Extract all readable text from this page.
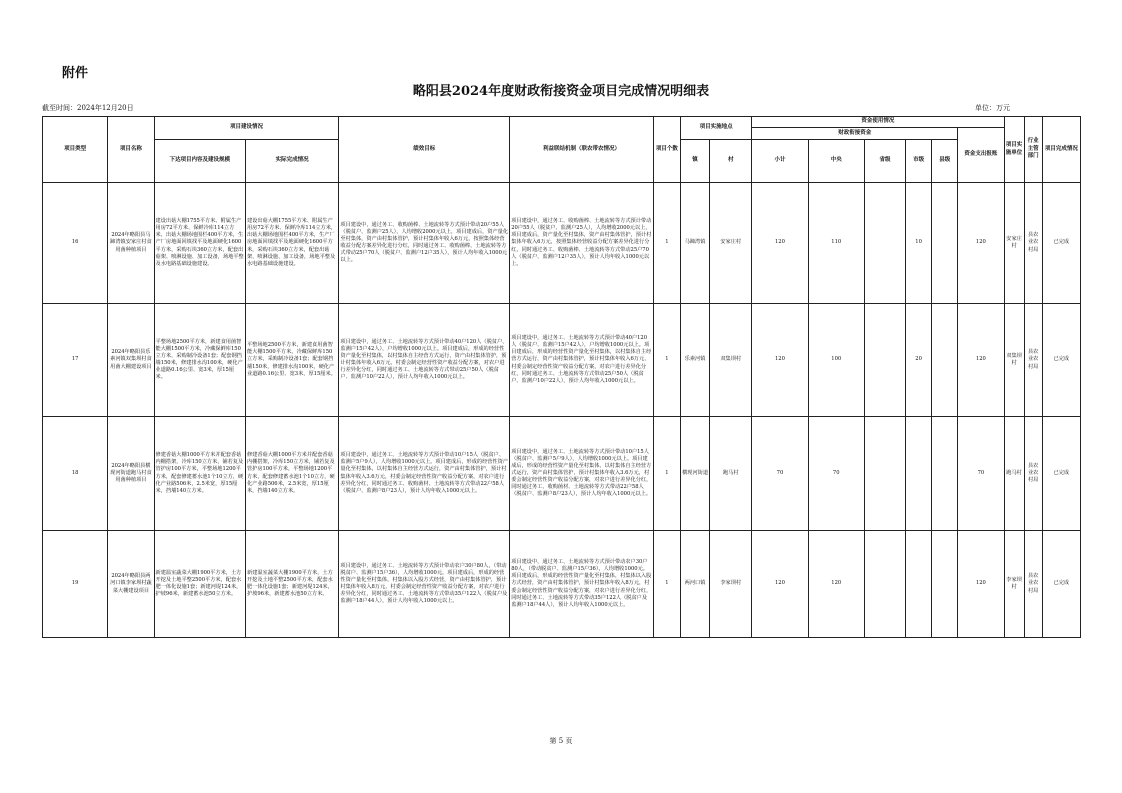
附件
略阳县2024年度财政衔接资金项目完成情况明细表
截至时间：2024年12月20日	单位：万元
项目类型	项目名称	项目建设情况		绩效目标	利益联结机制（联农带农情况）	项目个数	项目实施地点		资金使用情况						项目实施单位	行业主管部门	项目完成情况
									财政衔接资金					资金支出报账			
		下达项目内容及建设规模	实际完成情况				镇	村	小计	中央	省级	市级	县级				
16	2024年略阳县马蹄湾镇安家庄村食用菌种植项目	建设出菇大棚1755平方米、附属生产用房72平方米、保鲜冷库114立方米，出菇大棚场地围栏400平方米，生产厂房地面回填找平及地面硬化1600平方米，采购石块360立方米，配套出菇架、喷淋设施、加工设备，场地平整及水电路基础设施建设。	建设出菇大棚1755平方米、附属生产用房72平方米、保鲜冷库114立方米，出菇大棚场地围栏400平方米，生产厂房地面回填找平及地面硬化1600平方米，采购石块360立方米，配套出菇架、喷淋设施、加工设备，场地平整及水电路基础设施建设。	项目建设中，通过务工、收购菌棒、土地流转等方式预计带动20户55人（脱贫户、监测户25人），人均增收2000元以上，项目建成后，资产量化至村集体，资产由村集体管护，预计村集体年收入6万元，按照集体经营收益分配方案差异化进行分红，同时通过务工、收购菌棒、土地流转等方式带动25户70人（脱贫户、监测户12户35人），预计人均年收入1000元以上。	项目建设中，通过务工、收购菌棒、土地流转等方式预计带动20户55人（脱贫户、监测户25人），人均增收2000元以上，项目建成后，资产量化至村集体，资产由村集体管护，预计村集体年收入6万元，按照集体经营收益分配方案差异化进行分红，同时通过务工、收购菌棒、土地流转等方式带动25户70人（脱贫户、监测户12户35人），预计人均年收入1000元以上。	1	马蹄湾镇	安家庄村	120	110		10		120	安家庄村	县农业农村局	已完成
17	2024年略阳县乐素河镇双集坝村食用菌大棚建设项目	平整场地2500平方米，新建食用菌智能大棚1500平方米，冷藏保鲜库150立方米，采购制冷设备1套；配套钢挡墙150米，修建排水沟100米，硬化产业道路0.16公里、宽3米，厚15厘米。	平整场地2500平方米，新建食用菌智能大棚1500平方米，冷藏保鲜库150立方米，采购制冷设备1套；配套钢挡墙150米，修建排水沟100米，硬化产业道路0.16公里、宽3米，厚15厘米。	项目建设中，通过务工、土地流转等方式预计带动40户120人（脱贫户、监测户15户42人），户均增收1000元以上。项目建成后，形成的经营性资产量化至村集体，以村集体自主经营方式运行，资产由村集体管护，预计村集体年收入6万元，村委会制定经营性资产收益分配方案，对农户进行差异化分红，同时通过务工、土地流转等方式带动25户50人（脱贫户、监测户10户22人），预计人均年收入1000元以上。	项目建设中，通过务工、土地流转等方式预计带动40户120人（脱贫户、监测户15户42人），户均增收1000元以上。项目建成后，形成的经营性资产量化至村集体，以村集体自主经营方式运行，资产由村集体管护，预计村集体年收入6万元，村委会制定经营性资产收益分配方案，对农户进行差异化分红，同时通过务工、土地流转等方式带动25户50人（脱贫户、监测户10户22人），预计人均年收入1000元以上。	1	乐素河镇	双集坝村	120	100		20		120	双集坝村	县农业农村局	已完成
18	2024年略阳县横现河街道跑马村食用菌种植项目	修建香菇大棚1000平方米并配套香菇内棚搭架，冷库150立方米，铺若复及管护房100平方米，平整场地1200平方米，配套修建蓄水池1个10立方，硬化产业路506米，2.5米宽，厚15厘米，挡墙140立方米。	修建香菇大棚1000平方米并配套香菇内棚搭架，冷库150立方米，铺若复及管护房100平方米，平整场地1200平方米，配套修建蓄水池1个10立方，硬化产业路506米，2.5米宽，厚15厘米，挡墙140立方米。	项目建设中，通过务工、土地流转等方式预计带动10户15人（脱贫户、监测户5户9人），人均增收1000元以上。项目建成后，形成的经营性资产量化至村集体，以村集体自主经营方式运行，资产由村集体管护，预计村集体年收入3.6万元，村委会制定经营性资产收益分配方案，对农户进行差异化分红，同时通过务工、收购菌材、土地流转等方式带动22户58人（脱贫户、监测户8户23人），预计人均年收入1000元以上。	项目建设中，通过务工、土地流转等方式预计带动10户15人（脱贫户、监测户5户9人），人均增收1000元以上。项目建成后，形成的经营性资产量化至村集体，以村集体自主经营方式运行，资产由村集体管护，预计村集体年收入3.6万元，村委会制定经营性资产收益分配方案，对农户进行差异化分红，同时通过务工、收购菌材、土地流转等方式带动22户58人（脱贫户、监测户8户23人），预计人均年收入1000元以上。	1	横现河街道	跑马村	70	70				70	跑马村	县农业农村局	已完成
19	2024年略阳县两河口镇李家坝村蔬菜大棚建设项目	新建温室蔬菜大棚1900平方米，土方开挖及土地平整2500平方米，配套水肥一体化设施1套；新建河堤124米，护坡96米，新建蓄水池50立方米。	新建温室蔬菜大棚1900平方米，土方开挖及土地平整2500平方米，配套水肥一体化设施1套；新建河堤124米，护坡96米，新建蓄水池50立方米。	项目建设中，通过务工、土地流转等方式预计带动农户30户80人，（带动脱贫户、监测户15户36），人均增收1000元。项目建成后，形成的经营性资产量化至村集体，村集体以入股方式经营，资产由村集体管护，预计村集体年收入8万元，村委会制定经营性资产收益分配方案，对农户进行差异化分红，同时通过务工、土地流转等方式带动35户122人（脱贫户及监测户18户44人），预计人均年收入1000元以上。	项目建设中，通过务工、土地流转等方式预计带动农户30户80人，（带动脱贫户、监测户15户36），人均增收1000元。项目建成后，形成的经营性资产量化至村集体，村集体以入股方式经营，资产由村集体管护，预计村集体年收入8万元，村委会制定经营性资产收益分配方案，对农户进行差异化分红，同时通过务工、土地流转等方式带动35户122人（脱贫户及监测户18户44人），预计人均年收入1000元以上。	1	两河口镇	李家坝村	120	120				120	李家坝村	县农业农村局	已完成
第 5 页
